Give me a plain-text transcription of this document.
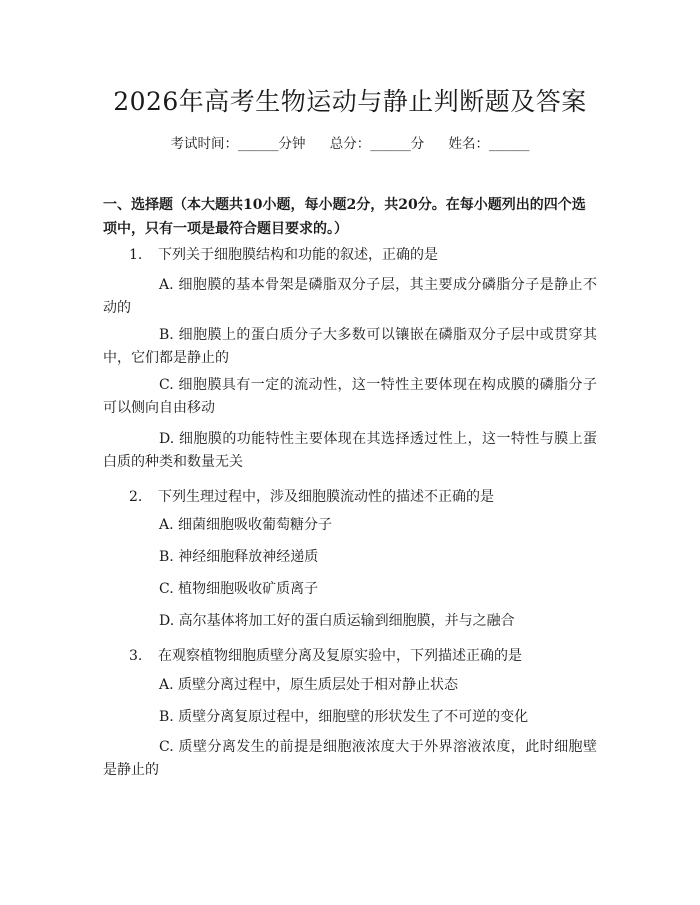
2026年高考生物运动与静止判断题及答案
考试时间：______分钟 总分：______分 姓名：______
一、选择题（本大题共10小题，每小题2分，共20分。在每小题列出的四个选项中，只有一项是最符合题目要求的。）
1. 下列关于细胞膜结构和功能的叙述，正确的是
A. 细胞膜的基本骨架是磷脂双分子层，其主要成分磷脂分子是静止不动的
B. 细胞膜上的蛋白质分子大多数可以镶嵌在磷脂双分子层中或贯穿其中，它们都是静止的
C. 细胞膜具有一定的流动性，这一特性主要体现在构成膜的磷脂分子可以侧向自由移动
D. 细胞膜的功能特性主要体现在其选择透过性上，这一特性与膜上蛋白质的种类和数量无关
2. 下列生理过程中，涉及细胞膜流动性的描述不正确的是
A. 细菌细胞吸收葡萄糖分子
B. 神经细胞释放神经递质
C. 植物细胞吸收矿质离子
D. 高尔基体将加工好的蛋白质运输到细胞膜，并与之融合
3. 在观察植物细胞质壁分离及复原实验中，下列描述正确的是
A. 质壁分离过程中，原生质层处于相对静止状态
B. 质壁分离复原过程中，细胞壁的形状发生了不可逆的变化
C. 质壁分离发生的前提是细胞液浓度大于外界溶液浓度，此时细胞壁是静止的
